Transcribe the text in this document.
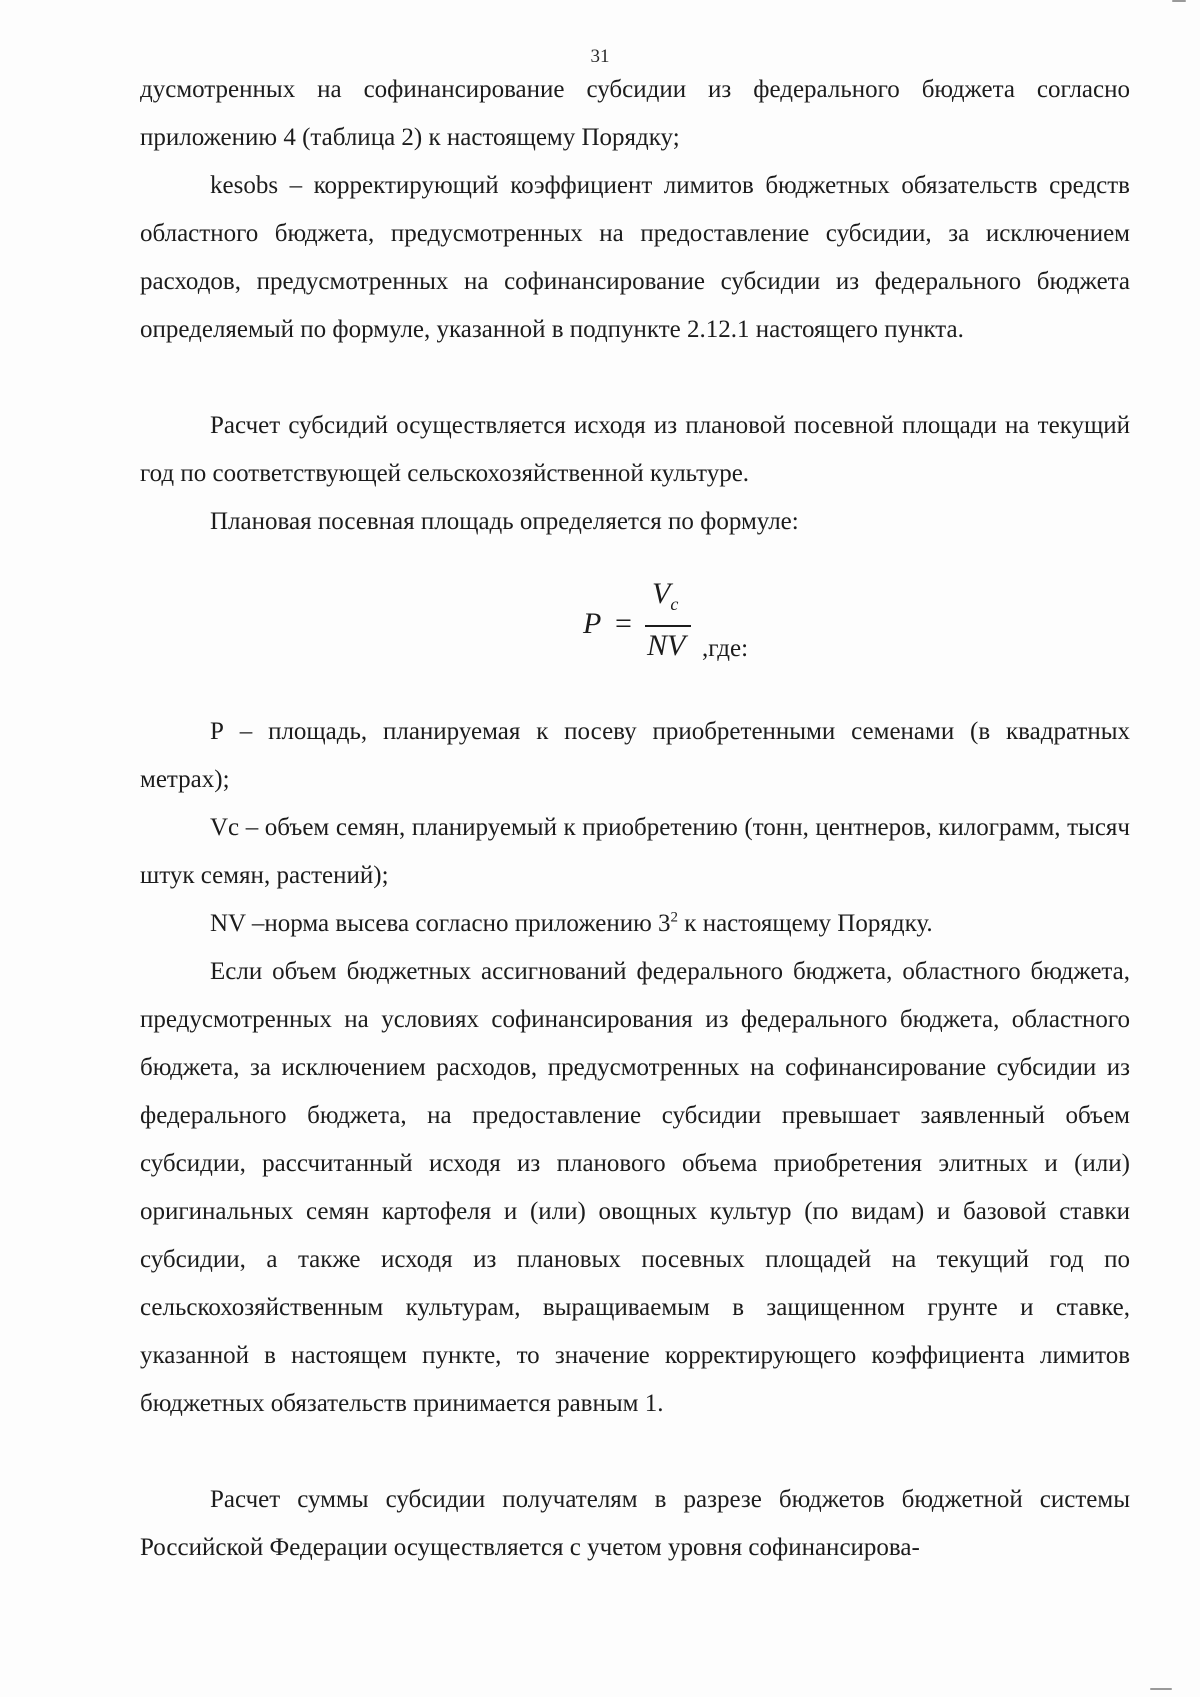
31

дусмотренных на софинансирование субсидии из федерального бюджета согласно приложению 4 (таблица 2) к настоящему Порядку;

kesobs – корректирующий коэффициент лимитов бюджетных обязательств средств областного бюджета, предусмотренных на предоставление субсидии, за исключением расходов, предусмотренных на софинансирование субсидии из федерального бюджета определяемый по формуле, указанной в подпункте 2.12.1 настоящего пункта.

Расчет субсидий осуществляется исходя из плановой посевной площади на текущий год по соответствующей сельскохозяйственной культуре.

Плановая посевная площадь определяется по формуле:

P =
$V_c$
NV ,где:

Р – площадь, планируемая к посеву приобретенными семенами (в квадратных метрах);

Vc – объем семян, планируемый к приобретению (тонн, центнеров, килограмм, тысяч штук семян, растений);

NV –норма высева согласно приложению 3$^2$ к настоящему Порядку.

Если объем бюджетных ассигнований федерального бюджета, областного бюджета, предусмотренных на условиях софинансирования из федерального бюджета, областного бюджета, за исключением расходов, предусмотренных на софинансирование субсидии из федерального бюджета, на предоставление субсидии превышает заявленный объем субсидии, рассчитанный исходя из планового объема приобретения элитных и (или) оригинальных семян картофеля и (или) овощных культур (по видам) и базовой ставки субсидии, а также исходя из плановых посевных площадей на текущий год по сельскохозяйственным культурам, выращиваемым в защищенном грунте и ставке, указанной в настоящем пункте, то значение корректирующего коэффициента лимитов бюджетных обязательств принимается равным 1.

Расчет суммы субсидии получателям в разрезе бюджетов бюджетной системы Российской Федерации осуществляется с учетом уровня софинансирова-
